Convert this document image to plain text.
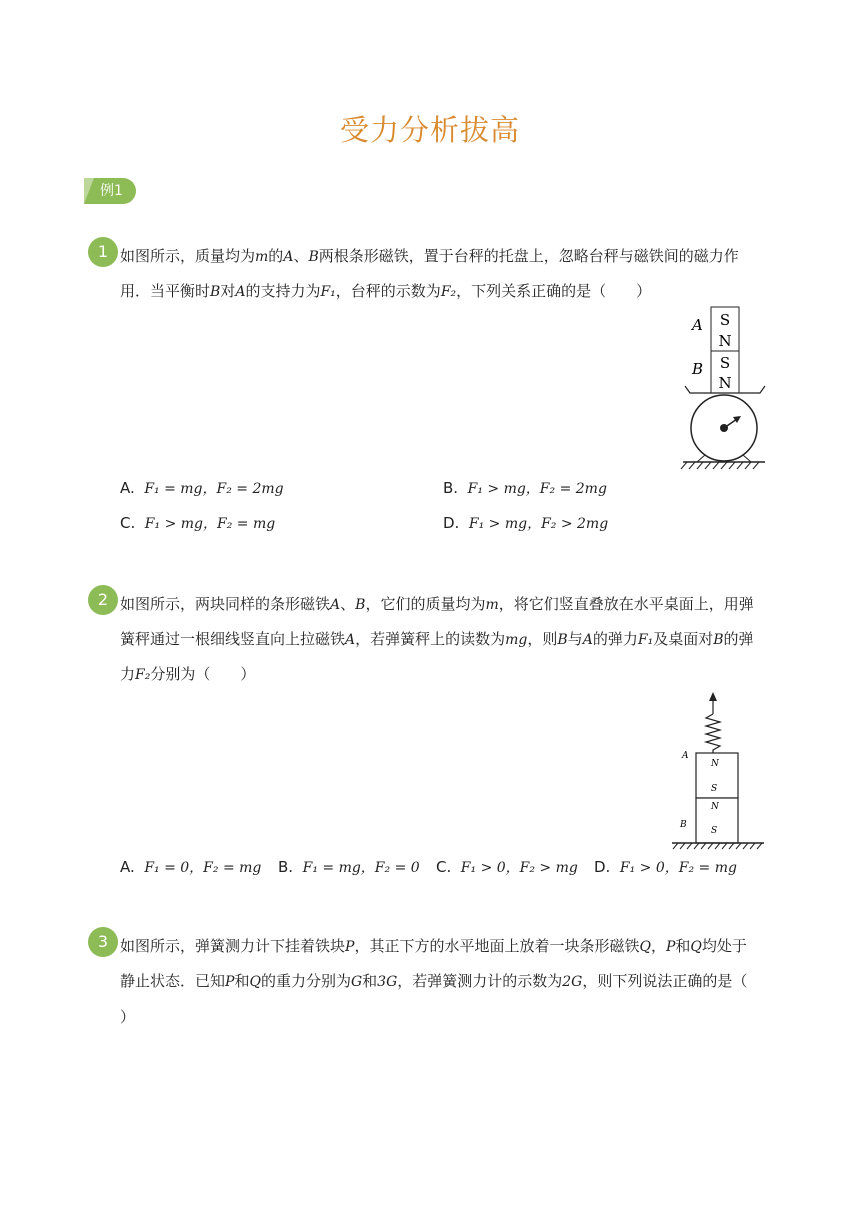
受力分析拔高
例1
1 如图所示，质量均为m的A、B两根条形磁铁，置于台秤的托盘上，忽略台秤与磁铁间的磁力作
用．当平衡时B对A的支持力为F₁，台秤的示数为F₂，下列关系正确的是（　　）
A
B
S
N
S
N
A. F₁ = mg，F₂ = 2mg	B. F₁ > mg，F₂ = 2mg
C. F₁ > mg，F₂ = mg	D. F₁ > mg，F₂ > 2mg
2 如图所示，两块同样的条形磁铁A、B，它们的质量均为m，将它们竖直叠放在水平桌面上，用弹
簧秤通过一根细线竖直向上拉磁铁A，若弹簧秤上的读数为mg，则B与A的弹力F₁及桌面对B的弹
力F₂分别为（　　）
A
B
N
S
N
S
A. F₁ = 0，F₂ = mg B. F₁ = mg，F₂ = 0 C. F₁ > 0，F₂ > mg D. F₁ > 0，F₂ = mg
3 如图所示，弹簧测力计下挂着铁块P，其正下方的水平地面上放着一块条形磁铁Q，P和Q均处于
静止状态．已知P和Q的重力分别为G和3G，若弹簧测力计的示数为2G，则下列说法正确的是（
）
